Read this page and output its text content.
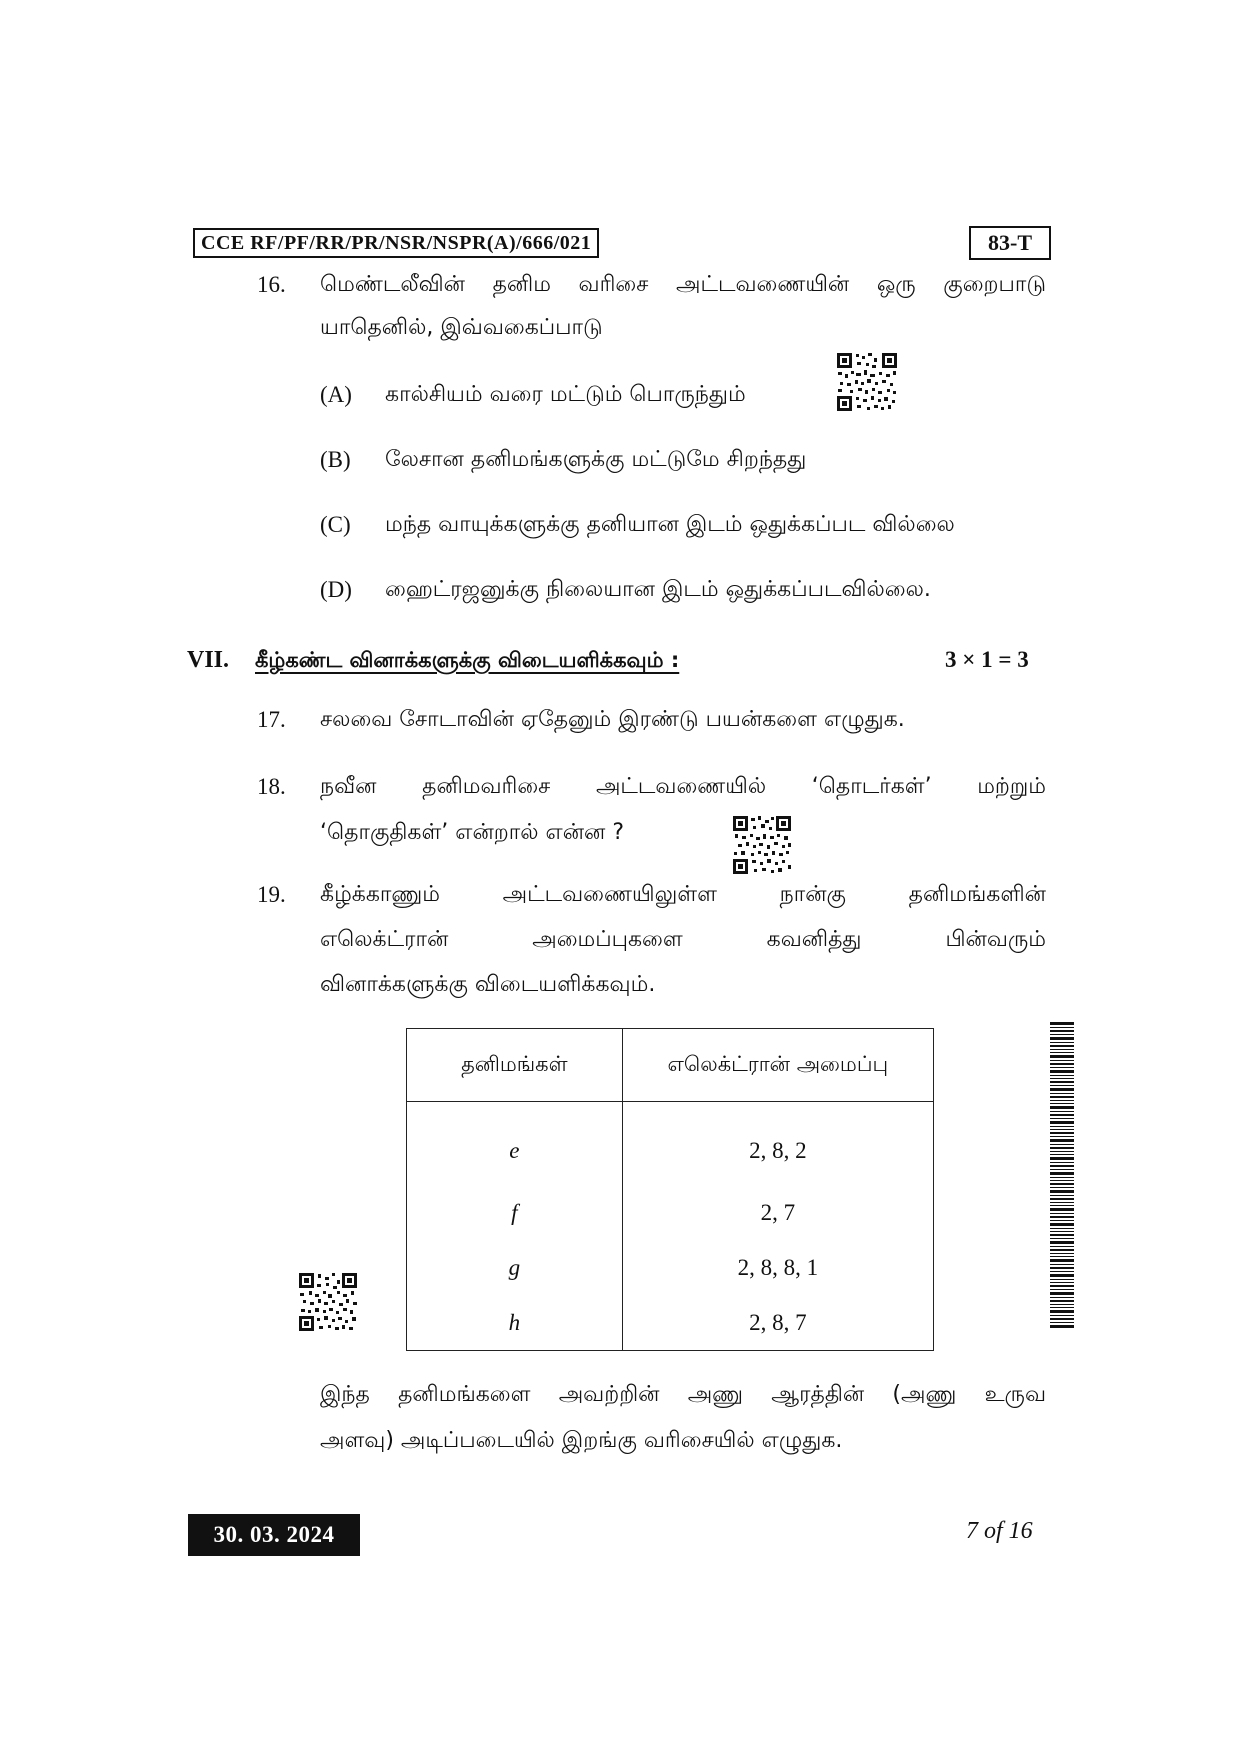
CCE RF/PF/RR/PR/NSR/NSPR(A)/666/021	83-T
16. மெண்டலீவின் தனிம வரிசை அட்டவணையின் ஒரு குறைபாடு
யாதெனில், இவ்வகைப்பாடு
(A) கால்சியம் வரை மட்டும் பொருந்தும்
(B) லேசான தனிமங்களுக்கு மட்டுமே சிறந்தது
(C) மந்த வாயுக்களுக்கு தனியான இடம் ஒதுக்கப்பட வில்லை
(D) ஹைட்ரஜனுக்கு நிலையான இடம் ஒதுக்கப்படவில்லை.
VII. கீழ்கண்ட வினாக்களுக்கு விடையளிக்கவும் :	3 × 1 = 3
17. சலவை சோடாவின் ஏதேனும் இரண்டு பயன்களை எழுதுக.
18. நவீன தனிமவரிசை அட்டவணையில் ‘தொடர்கள்’ மற்றும்
‘தொகுதிகள்’ என்றால் என்ன ?
19. கீழ்க்காணும் அட்டவணையிலுள்ள நான்கு தனிமங்களின்
எலெக்ட்ரான் அமைப்புகளை கவனித்து பின்வரும்
வினாக்களுக்கு விடையளிக்கவும்.
தனிமங்கள்	எலெக்ட்ரான் அமைப்பு
e	2, 8, 2
f	2, 7
g	2, 8, 8, 1
h	2, 8, 7
இந்த தனிமங்களை அவற்றின் அணு ஆரத்தின் (அணு உருவ
அளவு) அடிப்படையில் இறங்கு வரிசையில் எழுதுக.
30. 03. 2024	7 of 16
